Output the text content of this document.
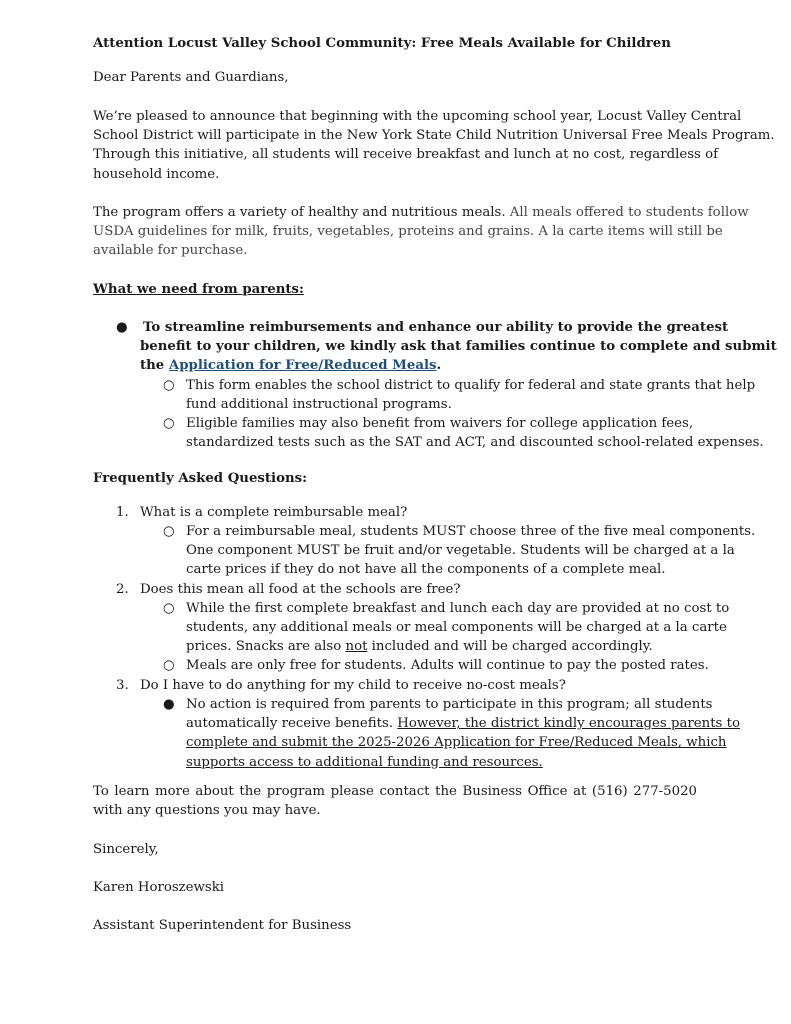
Attention Locust Valley School Community: Free Meals Available for Children

Dear Parents and Guardians,

We’re pleased to announce that beginning with the upcoming school year, Locust Valley Central
School District will participate in the New York State Child Nutrition Universal Free Meals Program.
Through this initiative, all students will receive breakfast and lunch at no cost, regardless of
household income.

The program offers a variety of healthy and nutritious meals. All meals offered to students follow
USDA guidelines for milk, fruits, vegetables, proteins and grains. A la carte items will still be
available for purchase.

What we need from parents:

● To streamline reimbursements and enhance our ability to provide the greatest
benefit to your children, we kindly ask that families continue to complete and submit
the Application for Free/Reduced Meals.
○ This form enables the school district to qualify for federal and state grants that help
fund additional instructional programs.
○ Eligible families may also benefit from waivers for college application fees,
standardized tests such as the SAT and ACT, and discounted school-related expenses.

Frequently Asked Questions:

1. What is a complete reimbursable meal?
○ For a reimbursable meal, students MUST choose three of the five meal components.
One component MUST be fruit and/or vegetable. Students will be charged at a la
carte prices if they do not have all the components of a complete meal.
2. Does this mean all food at the schools are free?
○ While the first complete breakfast and lunch each day are provided at no cost to
students, any additional meals or meal components will be charged at a la carte
prices. Snacks are also not included and will be charged accordingly.
○ Meals are only free for students. Adults will continue to pay the posted rates.
3. Do I have to do anything for my child to receive no-cost meals?
● No action is required from parents to participate in this program; all students
automatically receive benefits. However, the district kindly encourages parents to
complete and submit the 2025-2026 Application for Free/Reduced Meals, which
supports access to additional funding and resources.

To learn more about the program please contact the Business Office at (516) 277-5020 with any questions you may have.

Sincerely,

Karen Horoszewski

Assistant Superintendent for Business
